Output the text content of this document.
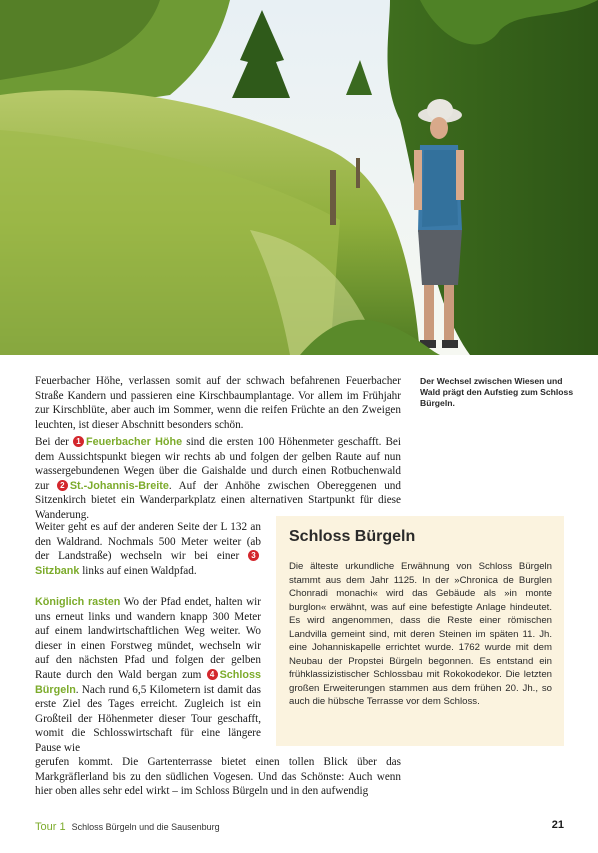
Der Wechsel zwischen Wiesen und Wald prägt den Aufstieg zum Schloss Bürgeln.
Feuerbacher Höhe, verlassen somit auf der schwach befahrenen Feuerbacher Straße Kandern und passieren eine Kirschbaumplantage. Vor allem im Frühjahr zur Kirschblüte, aber auch im Sommer, wenn die reifen Früchte an den Zweigen leuchten, ist dieser Abschnitt besonders schön.
Bei der 1 Feuerbacher Höhe sind die ersten 100 Höhenmeter geschafft. Bei dem Aussichtspunkt biegen wir rechts ab und folgen der gelben Raute auf nun wassergebundenen Wegen über die Gaishalde und durch einen Rotbuchenwald zur 2 St.-Johannis-Breite. Auf der Anhöhe zwischen Obereggenen und Sitzenkirch bietet ein Wanderparkplatz einen alternativen Startpunkt für diese Wanderung.
Weiter geht es auf der anderen Seite der L 132 an den Waldrand. Nochmals 500 Meter weiter (ab der Landstraße) wechseln wir bei einer 3Sitzbank links auf einen Waldpfad.
Königlich rasten Wo der Pfad endet, halten wir uns erneut links und wandern knapp 300 Meter auf einem landwirtschaftlichen Weg weiter. Wo dieser in einen Forstweg mündet, wechseln wir auf den nächsten Pfad und folgen der gelben Raute durch den Wald bergan zum 4 Schloss Bürgeln. Nach rund 6,5 Kilometern ist damit das erste Ziel des Tages erreicht. Zugleich ist ein Großteil der Höhenmeter dieser Tour geschafft, womit die Schlosswirtschaft für eine längere Pause wie
gerufen kommt. Die Gartenterrasse bietet einen tollen Blick über das Markgräflerland bis zu den südlichen Vogesen. Und das Schönste: Auch wenn hier oben alles sehr edel wirkt – im Schloss Bürgeln und in den aufwendig
Schloss Bürgeln
Die älteste urkundliche Erwähnung von Schloss Bürgeln stammt aus dem Jahr 1125. In der »Chronica de Burglen Chonradi monachi« wird das Gebäude als »in monte burglon« erwähnt, was auf eine befestigte Anlage hindeutet. Es wird angenommen, dass die Reste einer römischen Landvilla gemeint sind, mit deren Steinen im späten 11. Jh. eine Johanniskapelle errichtet wurde. 1762 wurde mit dem Neubau der Propstei Bürgeln begonnen. Es entstand ein frühklassizistischer Schlossbau mit Rokokodekor. Die letzten großen Erweiterungen stammen aus dem frühen 20. Jh., so auch die hübsche Terrasse vor dem Schloss.
Tour 1 Schloss Bürgeln und die Sausenburg	21
